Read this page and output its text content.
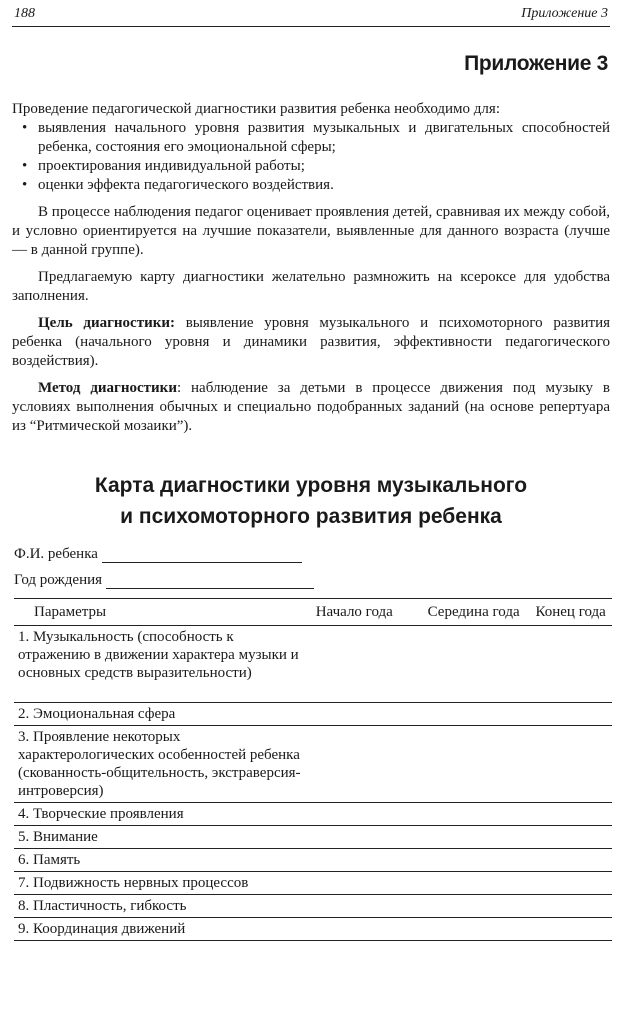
188	Приложение 3
Приложение 3

Проведение педагогической диагностики развития ребенка необходимо для:

• выявления начального уровня развития музыкальных и двигательных способностей ребенка, состояния его эмоциональной сферы;
• проектирования индивидуальной работы;
• оценки эффекта педагогического воздействия.

В процессе наблюдения педагог оценивает проявления детей, сравнивая их между собой, и условно ориентируется на лучшие показатели, выявленные для данного возраста (лучше — в данной группе).

Предлагаемую карту диагностики желательно размножить на ксероксе для удобства заполнения.

Цель диагностики: выявление уровня музыкального и психомоторного развития ребенка (начального уровня и динамики развития, эффективности педагогического воздействия).

Метод диагностики: наблюдение за детьми в процессе движения под музыку в условиях выполнения обычных и специально подобранных заданий (на основе репертуара из “Ритмической мозаики”).

Карта диагностики уровня музыкального
и психомоторного развития ребенка
Ф.И. ребенка
Год рождения
Параметры	Начало года	Середина года	Конец года
1. Музыкальность (способность к отражению в движении характера музыки и основных средств выразительности)			
2. Эмоциональная сфера			
3. Проявление некоторых характерологических особенностей ребенка (скованность-общительность, экстраверсия-интроверсия)			
4. Творческие проявления			
5. Внимание			
6. Память			
7. Подвижность нервных процессов			
8. Пластичность, гибкость			
9. Координация движений			
